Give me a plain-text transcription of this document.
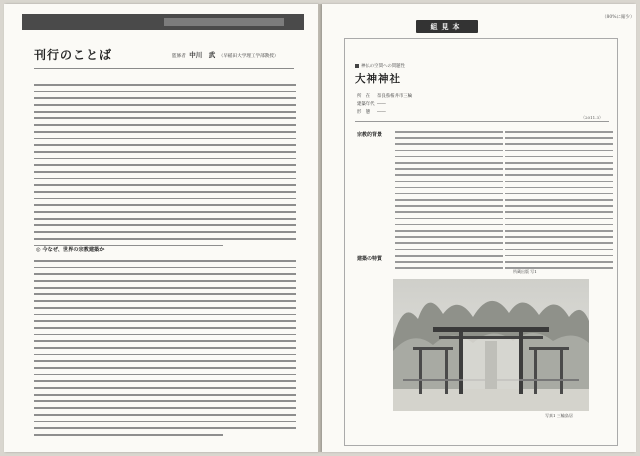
刊行のことば	監修者 中川　武 （早稲田大学理工学部教授）
◎ 今なぜ、世界の宗教建築か
（80%に縮少）
組見本
神仏の空間への問題性
大神神社
所　在 奈良県桜井市三輪
建築年代 ――
形　態 ――
（2011.3）
宗教的背景
建築の特質
所蔵出版 写1
写真1 三輪鳥居
